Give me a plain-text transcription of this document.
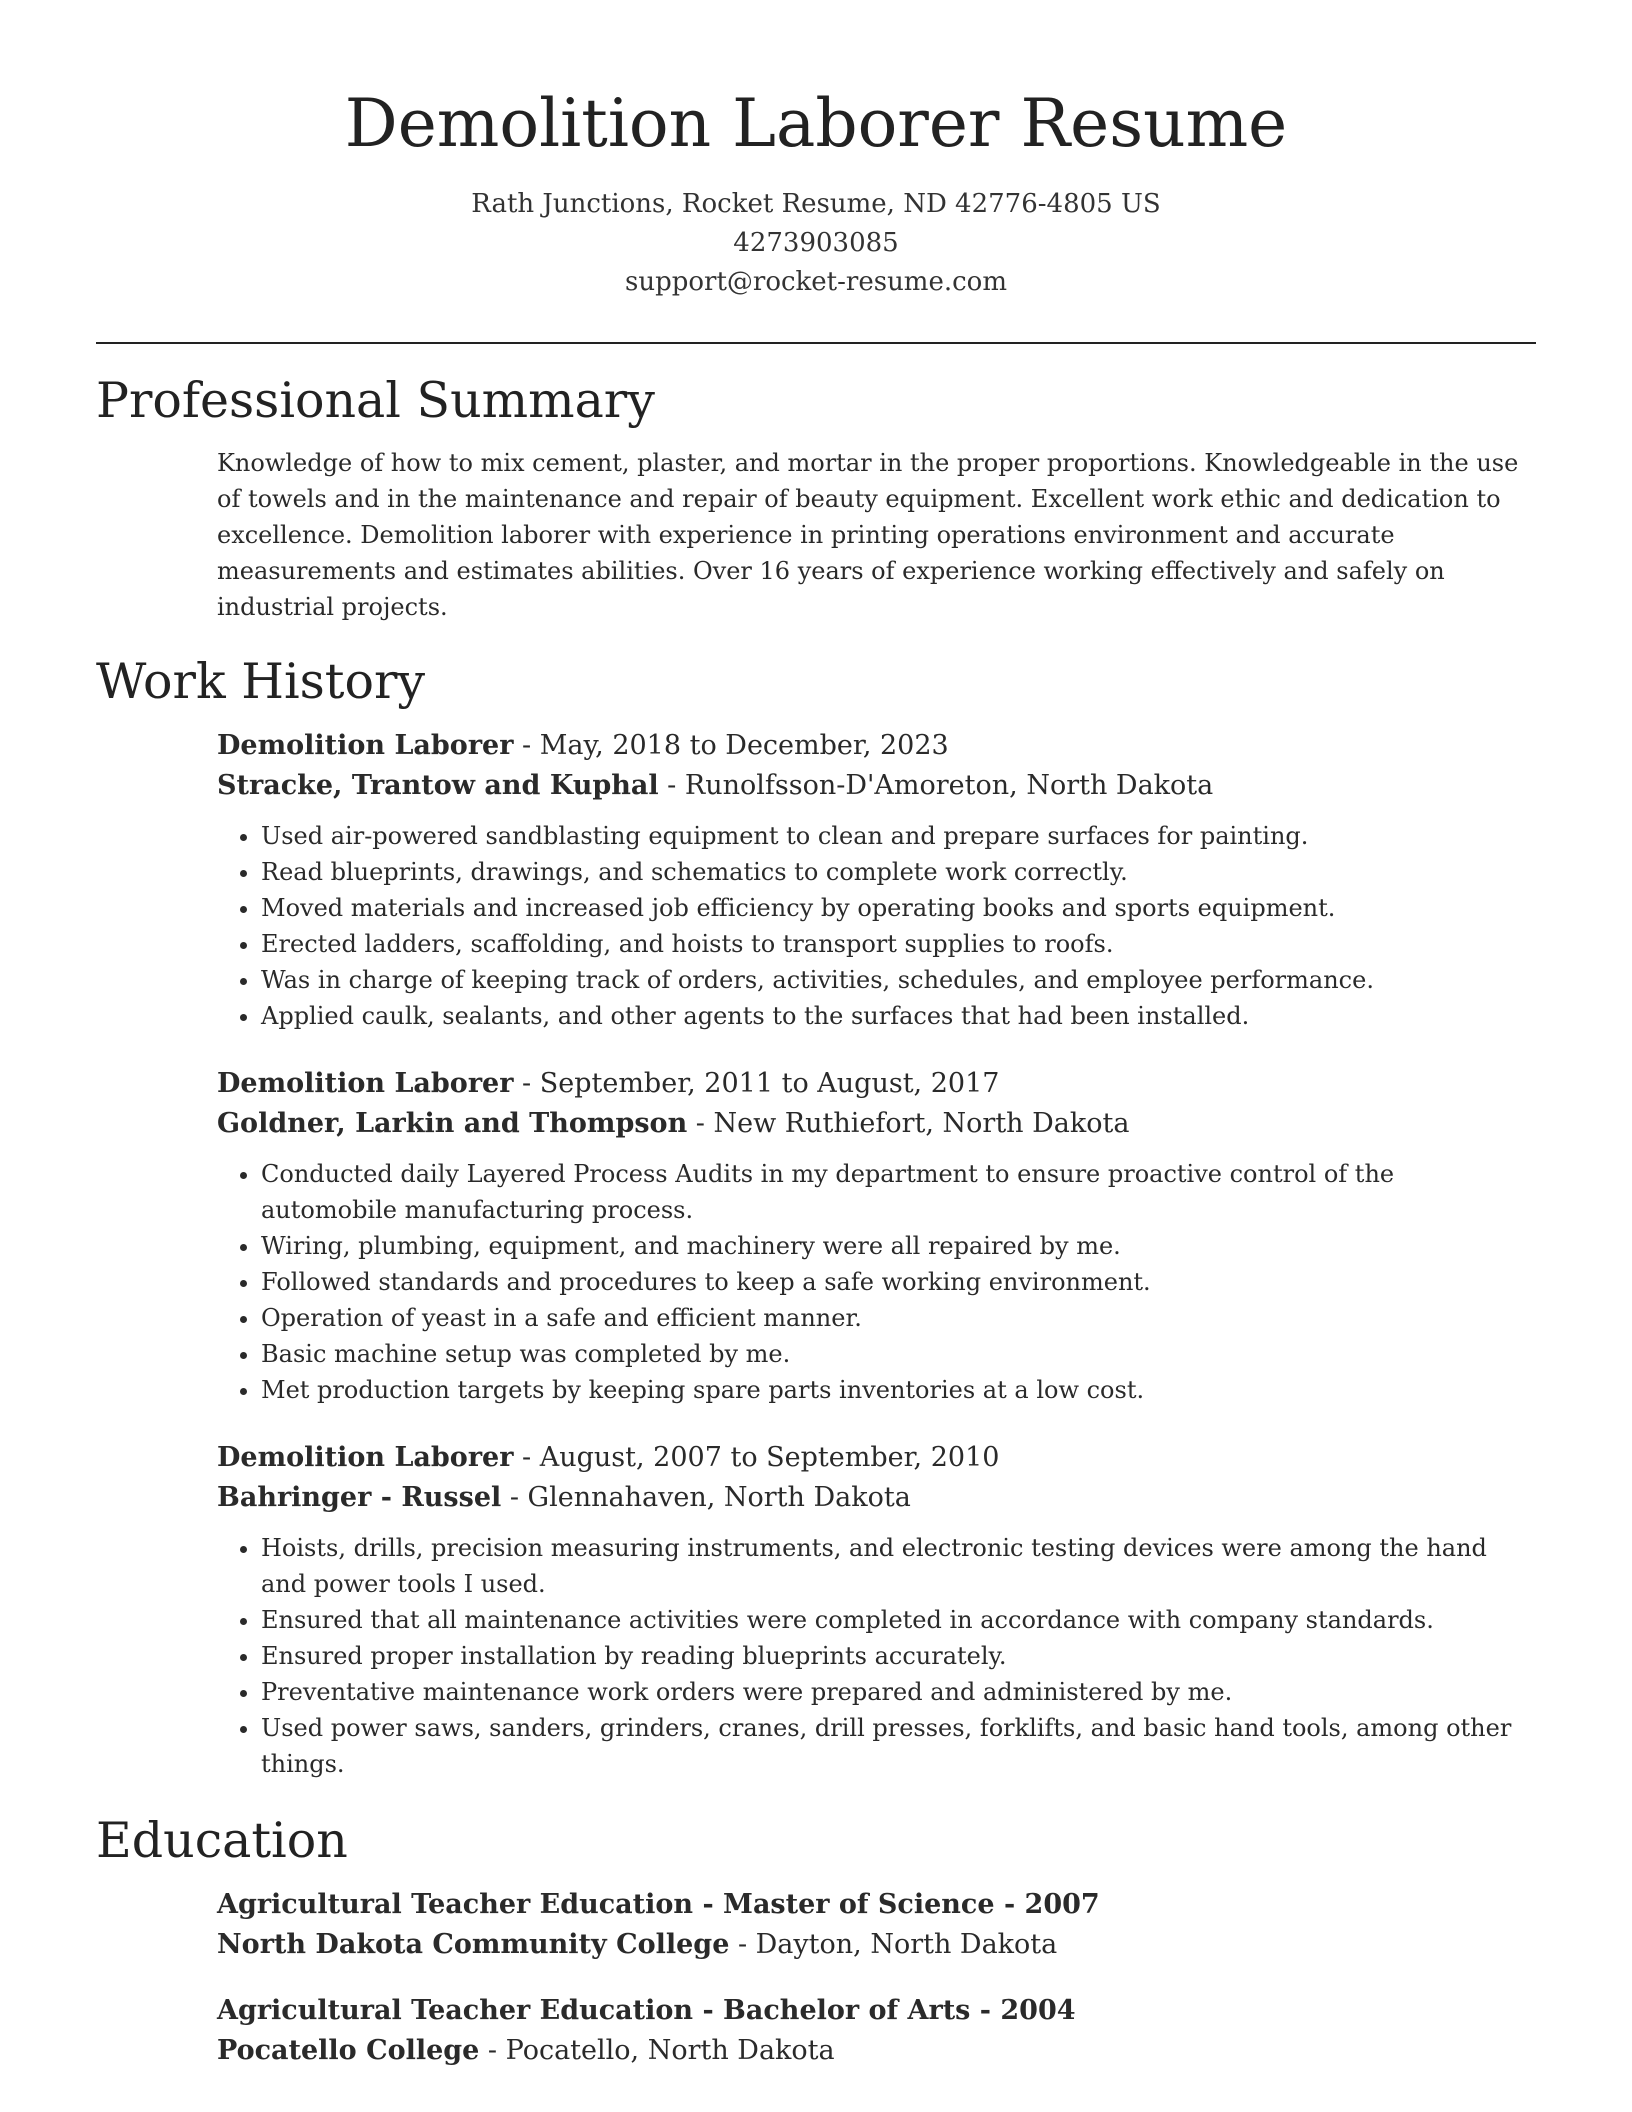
Demolition Laborer Resume
Rath Junctions, Rocket Resume, ND 42776-4805 US
4273903085
support@rocket-resume.com
Professional Summary
Knowledge of how to mix cement, plaster, and mortar in the proper proportions. Knowledgeable in the use of towels and in the maintenance and repair of beauty equipment. Excellent work ethic and dedication to excellence. Demolition laborer with experience in printing operations environment and accurate measurements and estimates abilities. Over 16 years of experience working effectively and safely on industrial projects.
Work History
Demolition Laborer - May, 2018 to December, 2023
Stracke, Trantow and Kuphal - Runolfsson-D'Amoreton, North Dakota
• Used air-powered sandblasting equipment to clean and prepare surfaces for painting.
• Read blueprints, drawings, and schematics to complete work correctly.
• Moved materials and increased job efficiency by operating books and sports equipment.
• Erected ladders, scaffolding, and hoists to transport supplies to roofs.
• Was in charge of keeping track of orders, activities, schedules, and employee performance.
• Applied caulk, sealants, and other agents to the surfaces that had been installed.
Demolition Laborer - September, 2011 to August, 2017
Goldner, Larkin and Thompson - New Ruthiefort, North Dakota
• Conducted daily Layered Process Audits in my department to ensure proactive control of the automobile manufacturing process.
• Wiring, plumbing, equipment, and machinery were all repaired by me.
• Followed standards and procedures to keep a safe working environment.
• Operation of yeast in a safe and efficient manner.
• Basic machine setup was completed by me.
• Met production targets by keeping spare parts inventories at a low cost.
Demolition Laborer - August, 2007 to September, 2010
Bahringer - Russel - Glennahaven, North Dakota
• Hoists, drills, precision measuring instruments, and electronic testing devices were among the hand and power tools I used.
• Ensured that all maintenance activities were completed in accordance with company standards.
• Ensured proper installation by reading blueprints accurately.
• Preventative maintenance work orders were prepared and administered by me.
• Used power saws, sanders, grinders, cranes, drill presses, forklifts, and basic hand tools, among other things.
Education
Agricultural Teacher Education - Master of Science - 2007
North Dakota Community College - Dayton, North Dakota
Agricultural Teacher Education - Bachelor of Arts - 2004
Pocatello College - Pocatello, North Dakota
